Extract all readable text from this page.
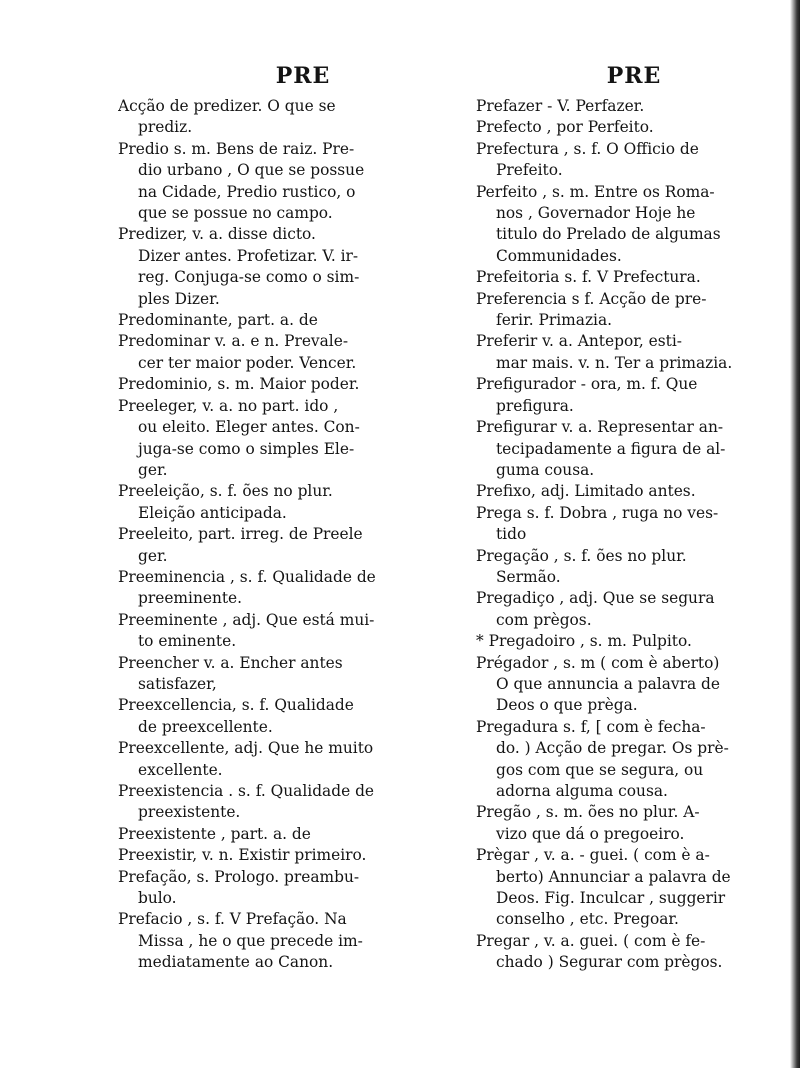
PRE
Acção de predizer. O que se
prediz.
Predio s. m. Bens de raiz. Pre-
dio urbano , O que se possue
na Cidade, Predio rustico, o
que se possue no campo.
Predizer, v. a. disse dicto.
Dizer antes. Profetizar. V. ir-
reg. Conjuga-se como o sim-
ples Dizer.
Predominante, part. a. de
Predominar v. a. e n. Prevale-
cer ter maior poder. Vencer.
Predominio, s. m. Maior poder.
Preeleger, v. a. no part. ido ,
ou eleito. Eleger antes. Con-
juga-se como o simples Ele-
ger.
Preeleição, s. f. ões no plur.
Eleição anticipada.
Preeleito, part. irreg. de Preele
ger.
Preeminencia , s. f. Qualidade de
preeminente.
Preeminente , adj. Que está mui-
to eminente.
Preencher v. a. Encher antes
satisfazer,
Preexcellencia, s. f. Qualidade
de preexcellente.
Preexcellente, adj. Que he muito
excellente.
Preexistencia . s. f. Qualidade de
preexistente.
Preexistente , part. a. de
Preexistir, v. n. Existir primeiro.
Prefação, s. Prologo. preambu-
bulo.
Prefacio , s. f. V Prefação. Na
Missa , he o que precede im-
mediatamente ao Canon.
PRE
Prefazer - V. Perfazer.
Prefecto , por Perfeito.
Prefectura , s. f. O Officio de
Prefeito.
Perfeito , s. m. Entre os Roma-
nos , Governador Hoje he
titulo do Prelado de algumas
Communidades.
Prefeitoria s. f. V Prefectura.
Preferencia s f. Acção de pre-
ferir. Primazia.
Preferir v. a. Antepor, esti-
mar mais. v. n. Ter a primazia.
Prefigurador - ora, m. f. Que
prefigura.
Prefigurar v. a. Representar an-
tecipadamente a figura de al-
guma cousa.
Prefixo, adj. Limitado antes.
Prega s. f. Dobra , ruga no ves-
tido
Pregação , s. f. ões no plur.
Sermão.
Pregadiço , adj. Que se segura
com prègos.
* Pregadoiro , s. m. Pulpito.
Prégador , s. m ( com è aberto)
O que annuncia a palavra de
Deos o que prèga.
Pregadura s. f, [ com è fecha-
do. ) Acção de pregar. Os prè-
gos com que se segura, ou
adorna alguma cousa.
Pregão , s. m. ões no plur. A-
vizo que dá o pregoeiro.
Prègar , v. a. - guei. ( com è a-
berto) Annunciar a palavra de
Deos. Fig. Inculcar , suggerir
conselho , etc. Pregoar.
Pregar , v. a. guei. ( com è fe-
chado ) Segurar com prègos.
